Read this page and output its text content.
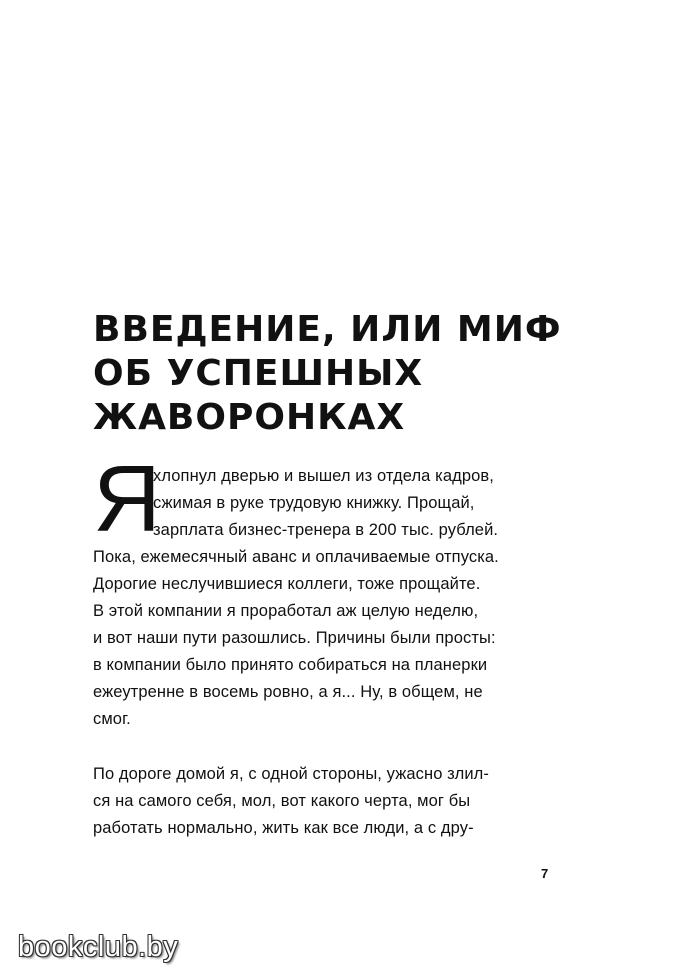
ВВЕДЕНИЕ, ИЛИ МИФ
ОБ УСПЕШНЫХ
ЖАВОРОНКАХ
Я
хлопнул дверью и вышел из отдела кадров,
сжимая в руке трудовую книжку. Прощай,
зарплата бизнес-тренера в 200 тыс. рублей.
Пока, ежемесячный аванс и оплачиваемые отпуска.
Дорогие неслучившиеся коллеги, тоже прощайте.
В этой компании я проработал аж целую неделю,
и вот наши пути разошлись. Причины были просты:
в компании было принято собираться на планерки
ежеутренне в восемь ровно, а я... Ну, в общем, не
смог.
По дороге домой я, с одной стороны, ужасно злил-
ся на самого себя, мол, вот какого черта, мог бы
работать нормально, жить как все люди, а с дру-
7
bookclub.by
